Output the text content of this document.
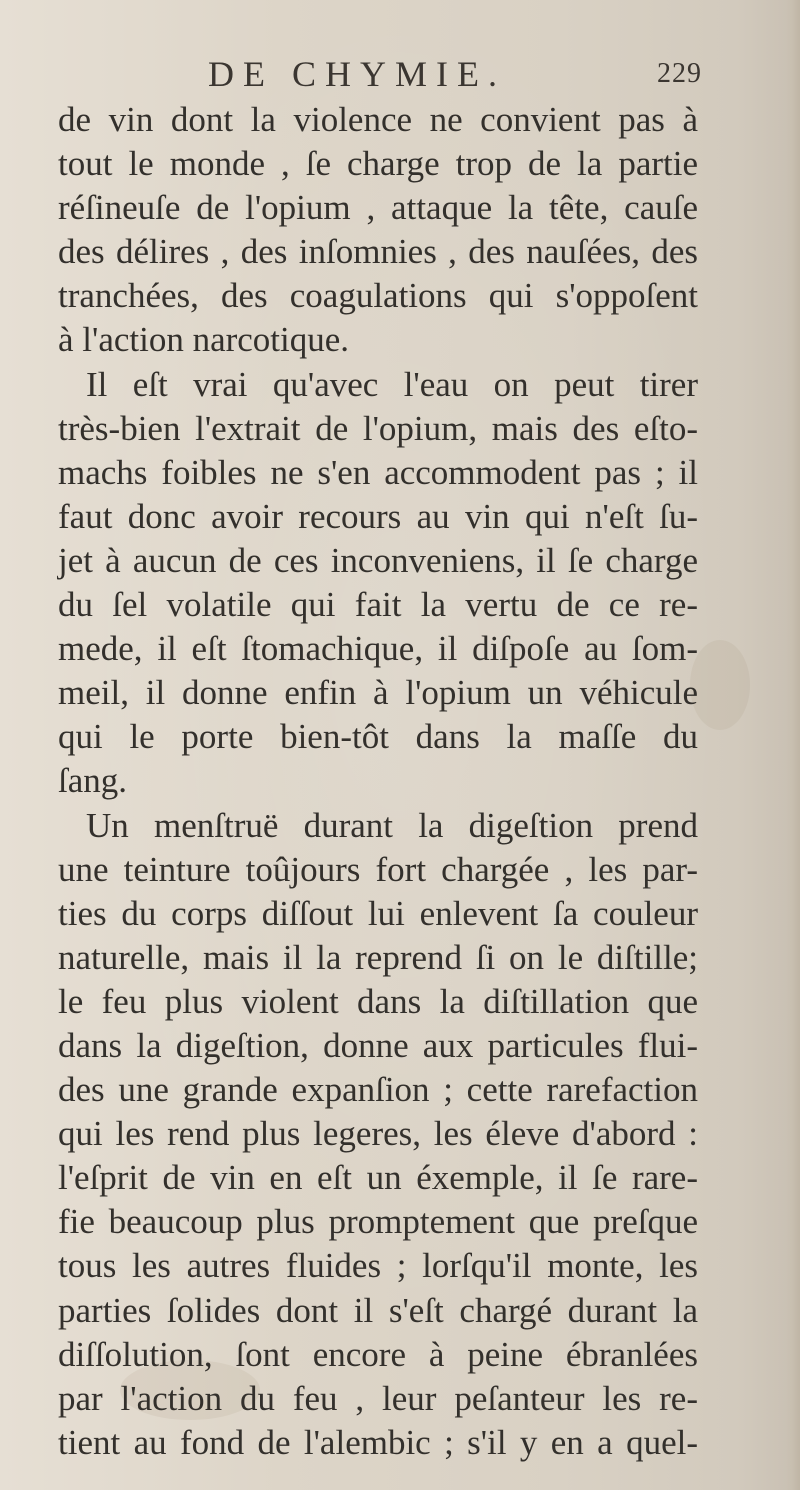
DE CHYMIE.	229
de vin dont la violence ne convient pas à
tout le monde , ſe charge trop de la partie
réſineuſe de l'opium , attaque la tête, cauſe
des délires , des inſomnies , des nauſées, des
tranchées, des coagulations qui s'oppoſent
à l'action narcotique.
Il eſt vrai qu'avec l'eau on peut tirer
très-bien l'extrait de l'opium, mais des eſto-
machs foibles ne s'en accommodent pas ; il
faut donc avoir recours au vin qui n'eſt ſu-
jet à aucun de ces inconveniens, il ſe charge
du ſel volatile qui fait la vertu de ce re-
mede, il eſt ſtomachique, il diſpoſe au ſom-
meil, il donne enfin à l'opium un véhicule
qui le porte bien-tôt dans la maſſe du
ſang.
Un menſtruë durant la digeſtion prend
une teinture toûjours fort chargée , les par-
ties du corps diſſout lui enlevent ſa couleur
naturelle, mais il la reprend ſi on le diſtille;
le feu plus violent dans la diſtillation que
dans la digeſtion, donne aux particules flui-
des une grande expanſion ; cette rarefaction
qui les rend plus legeres, les éleve d'abord :
l'eſprit de vin en eſt un éxemple, il ſe rare-
fie beaucoup plus promptement que preſque
tous les autres fluides ; lorſqu'il monte, les
parties ſolides dont il s'eſt chargé durant la
diſſolution, ſont encore à peine ébranlées
par l'action du feu , leur peſanteur les re-
tient au fond de l'alembic ; s'il y en a quel-
